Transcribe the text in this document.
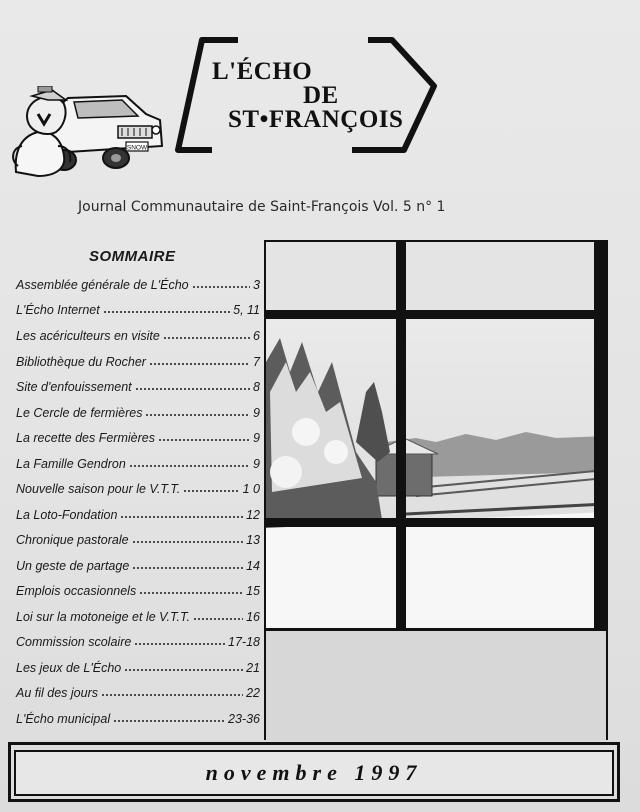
SNOW
L'ÉCHO
DE
ST•FRANÇOIS
Journal Communautaire de Saint-François Vol. 5 n° 1
SOMMAIRE
Assemblée générale de L'Écho	3
L'Écho Internet	5, 11
Les acériculteurs en visite	6
Bibliothèque du Rocher	7
Site d'enfouissement	8
Le Cercle de fermières	9
La recette des Fermières	9
La Famille Gendron	9
Nouvelle saison pour le V.T.T.	1 0
La Loto-Fondation	12
Chronique pastorale	13
Un geste de partage	14
Emplois occasionnels	15
Loi sur la motoneige et le V.T.T.	16
Commission scolaire	17-18
Les jeux de L'Écho	21
Au fil des jours	22
L'Écho municipal	23-36
novembre 1997
